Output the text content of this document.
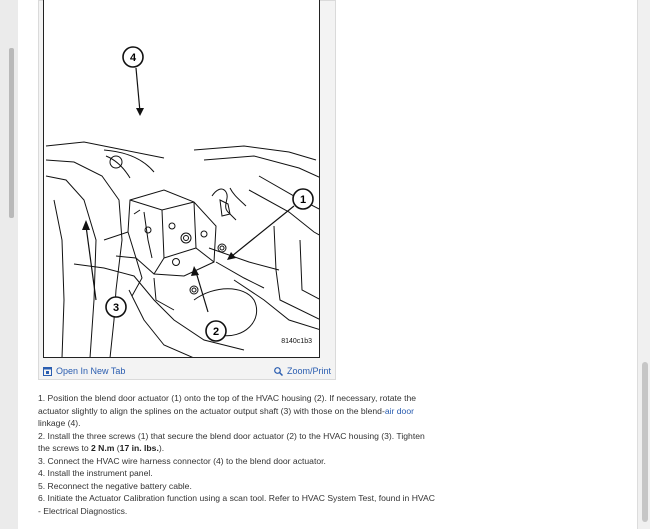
4
1
2
3
8140c1b3
Open In New Tab	Zoom/Print

1. Position the blend door actuator (1) onto the top of the HVAC housing (2). If necessary, rotate the actuator slightly to align the splines on the actuator output shaft (3) with those on the blend-air door linkage (4).

2. Install the three screws (1) that secure the blend door actuator (2) to the HVAC housing (3). Tighten the screws to 2 N.m (17 in. lbs.).

3. Connect the HVAC wire harness connector (4) to the blend door actuator.

4. Install the instrument panel.

5. Reconnect the negative battery cable.

6. Initiate the Actuator Calibration function using a scan tool. Refer to HVAC System Test, found in HVAC - Electrical Diagnostics.
